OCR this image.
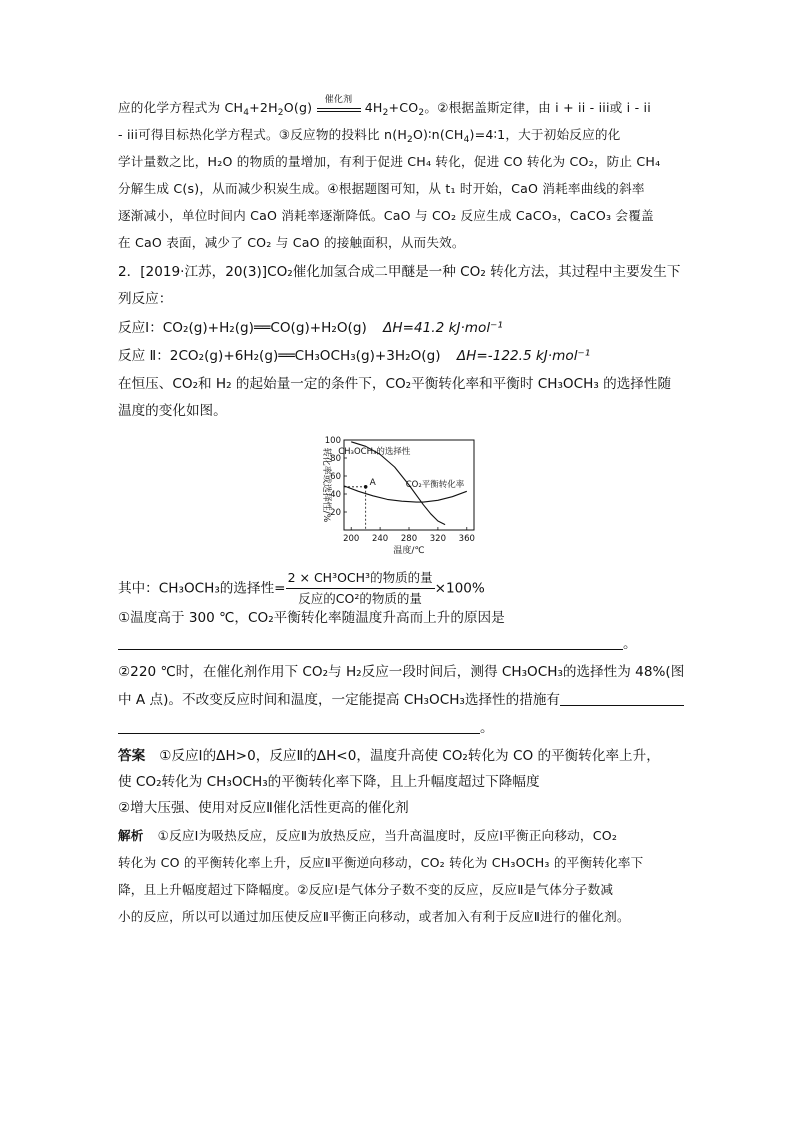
应的化学方程式为 $CH_4+2H_2O(g)$	催化剂 $4H_2+CO_2$。②根据盖斯定律，由 i + ii - iii或 i - ii
- iii可得目标热化学方程式。③反应物的投料比 $n(H_2O)∶n(CH_4)=4∶1$，大于初始反应的化
学计量数之比，H₂O 的物质的量增加，有利于促进 CH₄ 转化，促进 CO 转化为 CO₂，防止 CH₄
分解生成 C(s)，从而减少积炭生成。④根据题图可知，从 t₁ 时开始，CaO 消耗率曲线的斜率
逐渐减小，单位时间内 CaO 消耗率逐渐降低。CaO 与 CO₂ 反应生成 CaCO₃，CaCO₃ 会覆盖
在 CaO 表面，减少了 CO₂ 与 CaO 的接触面积，从而失效。
2．[2019·江苏，20(3)]CO₂催化加氢合成二甲醚是一种 CO₂ 转化方法，其过程中主要发生下
列反应：
反应Ⅰ：CO₂(g)+H₂(g)══CO(g)+H₂O(g) ΔH=41.2 kJ·mol⁻¹
反应 Ⅱ：2CO₂(g)+6H₂(g)══CH₃OCH₃(g)+3H₂O(g) ΔH=-122.5 kJ·mol⁻¹
在恒压、CO₂和 H₂ 的起始量一定的条件下，CO₂平衡转化率和平衡时 CH₃OCH₃ 的选择性随
温度的变化如图。
200 240 280 320 360
20
40
60
80
100
温度/℃
转化率或选择性/% CH₃OCH₃的选择性
CO₂平衡转化率
A
其中：CH₃OCH₃的选择性= $\frac{\text{2 × CH³OCH³的物质的量}}{\text{反应的CO²的物质的量}} \times 100\%$
①温度高于 300 ℃，CO₂平衡转化率随温度升高而上升的原因是
。
②220 ℃时，在催化剂作用下 CO₂与 H₂反应一段时间后，测得 CH₃OCH₃的选择性为 48%(图
中 A 点)。不改变反应时间和温度，一定能提高 CH₃OCH₃选择性的措施有
。
答案 ①反应Ⅰ的ΔH>0，反应Ⅱ的ΔH<0，温度升高使 CO₂转化为 CO 的平衡转化率上升，
使 CO₂转化为 CH₃OCH₃的平衡转化率下降，且上升幅度超过下降幅度
②增大压强、使用对反应Ⅱ催化活性更高的催化剂
解析 ①反应Ⅰ为吸热反应，反应Ⅱ为放热反应，当升高温度时，反应Ⅰ平衡正向移动，CO₂
转化为 CO 的平衡转化率上升，反应Ⅱ平衡逆向移动，CO₂ 转化为 CH₃OCH₃ 的平衡转化率下
降，且上升幅度超过下降幅度。②反应Ⅰ是气体分子数不变的反应，反应Ⅱ是气体分子数减
小的反应，所以可以通过加压使反应Ⅱ平衡正向移动，或者加入有利于反应Ⅱ进行的催化剂。
